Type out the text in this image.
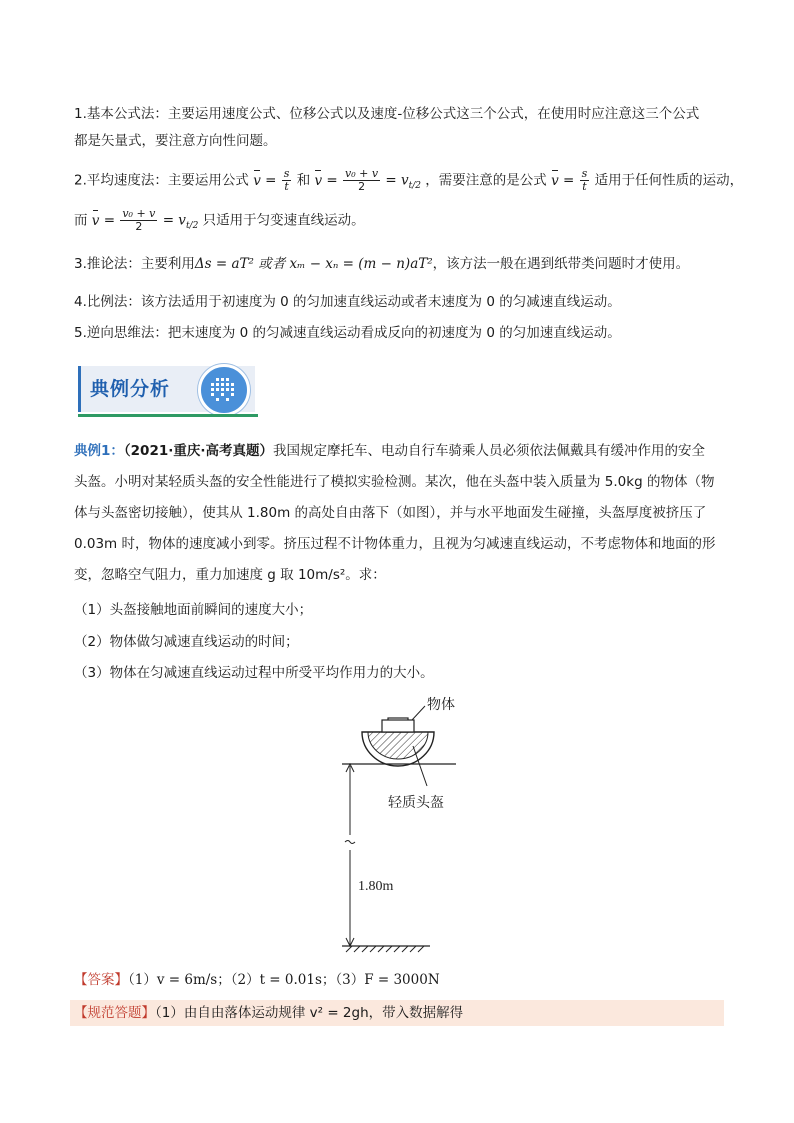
1.基本公式法：主要运用速度公式、位移公式以及速度-位移公式这三个公式，在使用时应注意这三个公式
都是矢量式，要注意方向性问题。
2.平均速度法：主要运用公式 $v = \frac{s}{t}$ 和 $v = \frac{\text{v₀ + v}}{2} = v_{t/2}$ ，需要注意的是公式 $v = \frac{s}{t}$ 适用于任何性质的运动，
而 $v = \frac{\text{v₀ + v}}{2} = v_{t/2}$ 只适用于匀变速直线运动。
3.推论法：主要利用Δs = aT² 或者 xₘ − xₙ = (m − n)aT²，该方法一般在遇到纸带类问题时才使用。
4.比例法：该方法适用于初速度为 0 的匀加速直线运动或者末速度为 0 的匀减速直线运动。
5.逆向思维法：把末速度为 0 的匀减速直线运动看成反向的初速度为 0 的匀加速直线运动。
典例分析
典例1：（2021·重庆·高考真题）我国规定摩托车、电动自行车骑乘人员必须依法佩戴具有缓冲作用的安全
头盔。小明对某轻质头盔的安全性能进行了模拟实验检测。某次，他在头盔中装入质量为 5.0kg 的物体（物
体与头盔密切接触），使其从 1.80m 的高处自由落下（如图），并与水平地面发生碰撞，头盔厚度被挤压了
0.03m 时，物体的速度减小到零。挤压过程不计物体重力，且视为匀减速直线运动，不考虑物体和地面的形
变，忽略空气阻力，重力加速度 g 取 10m/s²。求：
（1）头盔接触地面前瞬间的速度大小；
（2）物体做匀减速直线运动的时间；
（3）物体在匀减速直线运动过程中所受平均作用力的大小。
物体
轻质头盔
1.80m
【答案】（1）v = 6m/s；（2）t = 0.01s；（3）F = 3000N
【规范答题】（1）由自由落体运动规律 v² = 2gh，带入数据解得
